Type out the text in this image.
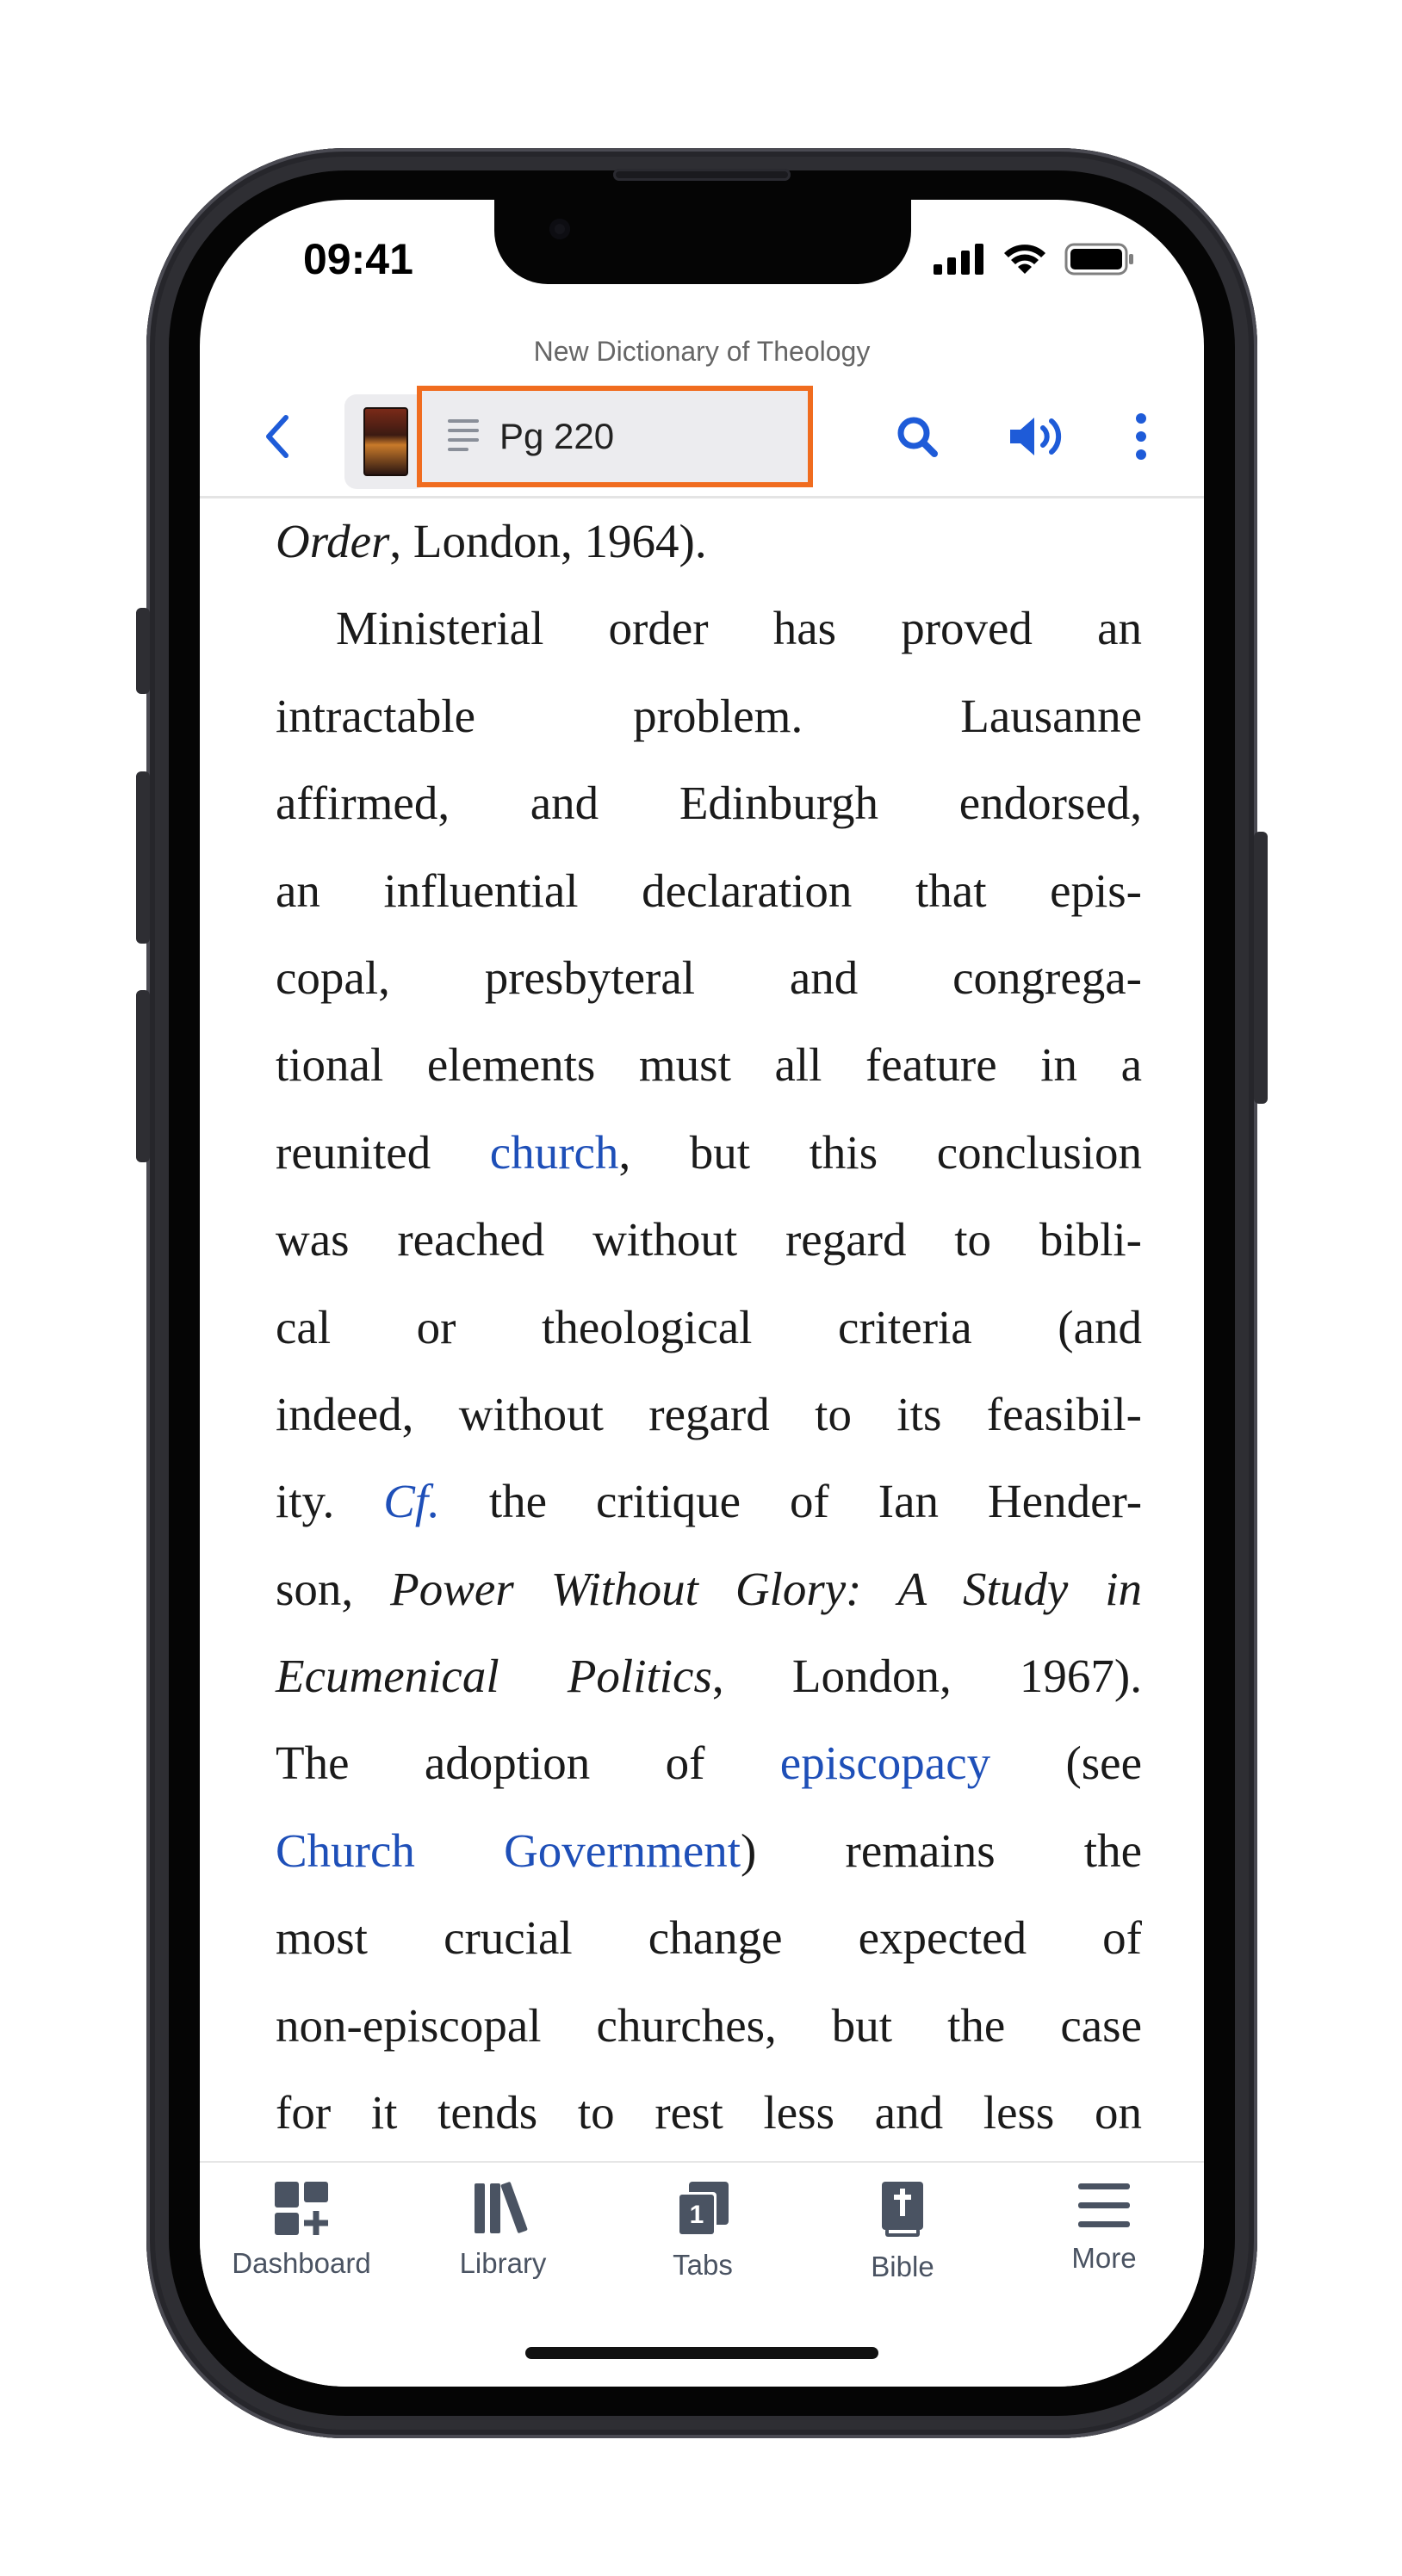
09:41
New Dictionary of Theology
Pg 220
Order, London, 1964).
Ministerial order has proved an
intractable problem. Lausanne
affirmed, and Edinburgh endorsed,
an influential declaration that epis-
copal, presbyteral and congrega-
tional elements must all feature in a
reunited church, but this conclusion
was reached without regard to bibli-
cal or theological criteria (and
indeed, without regard to its feasibil-
ity. Cf. the critique of Ian Hender-
son, Power Without Glory: A Study in
Ecumenical Politics, London, 1967).
The adoption of episcopacy (see
Church Government) remains the
most crucial change expected of
non-episcopal churches, but the case
for it tends to rest less and less on
Dashboard	Library
1
Tabs	Bible	More
